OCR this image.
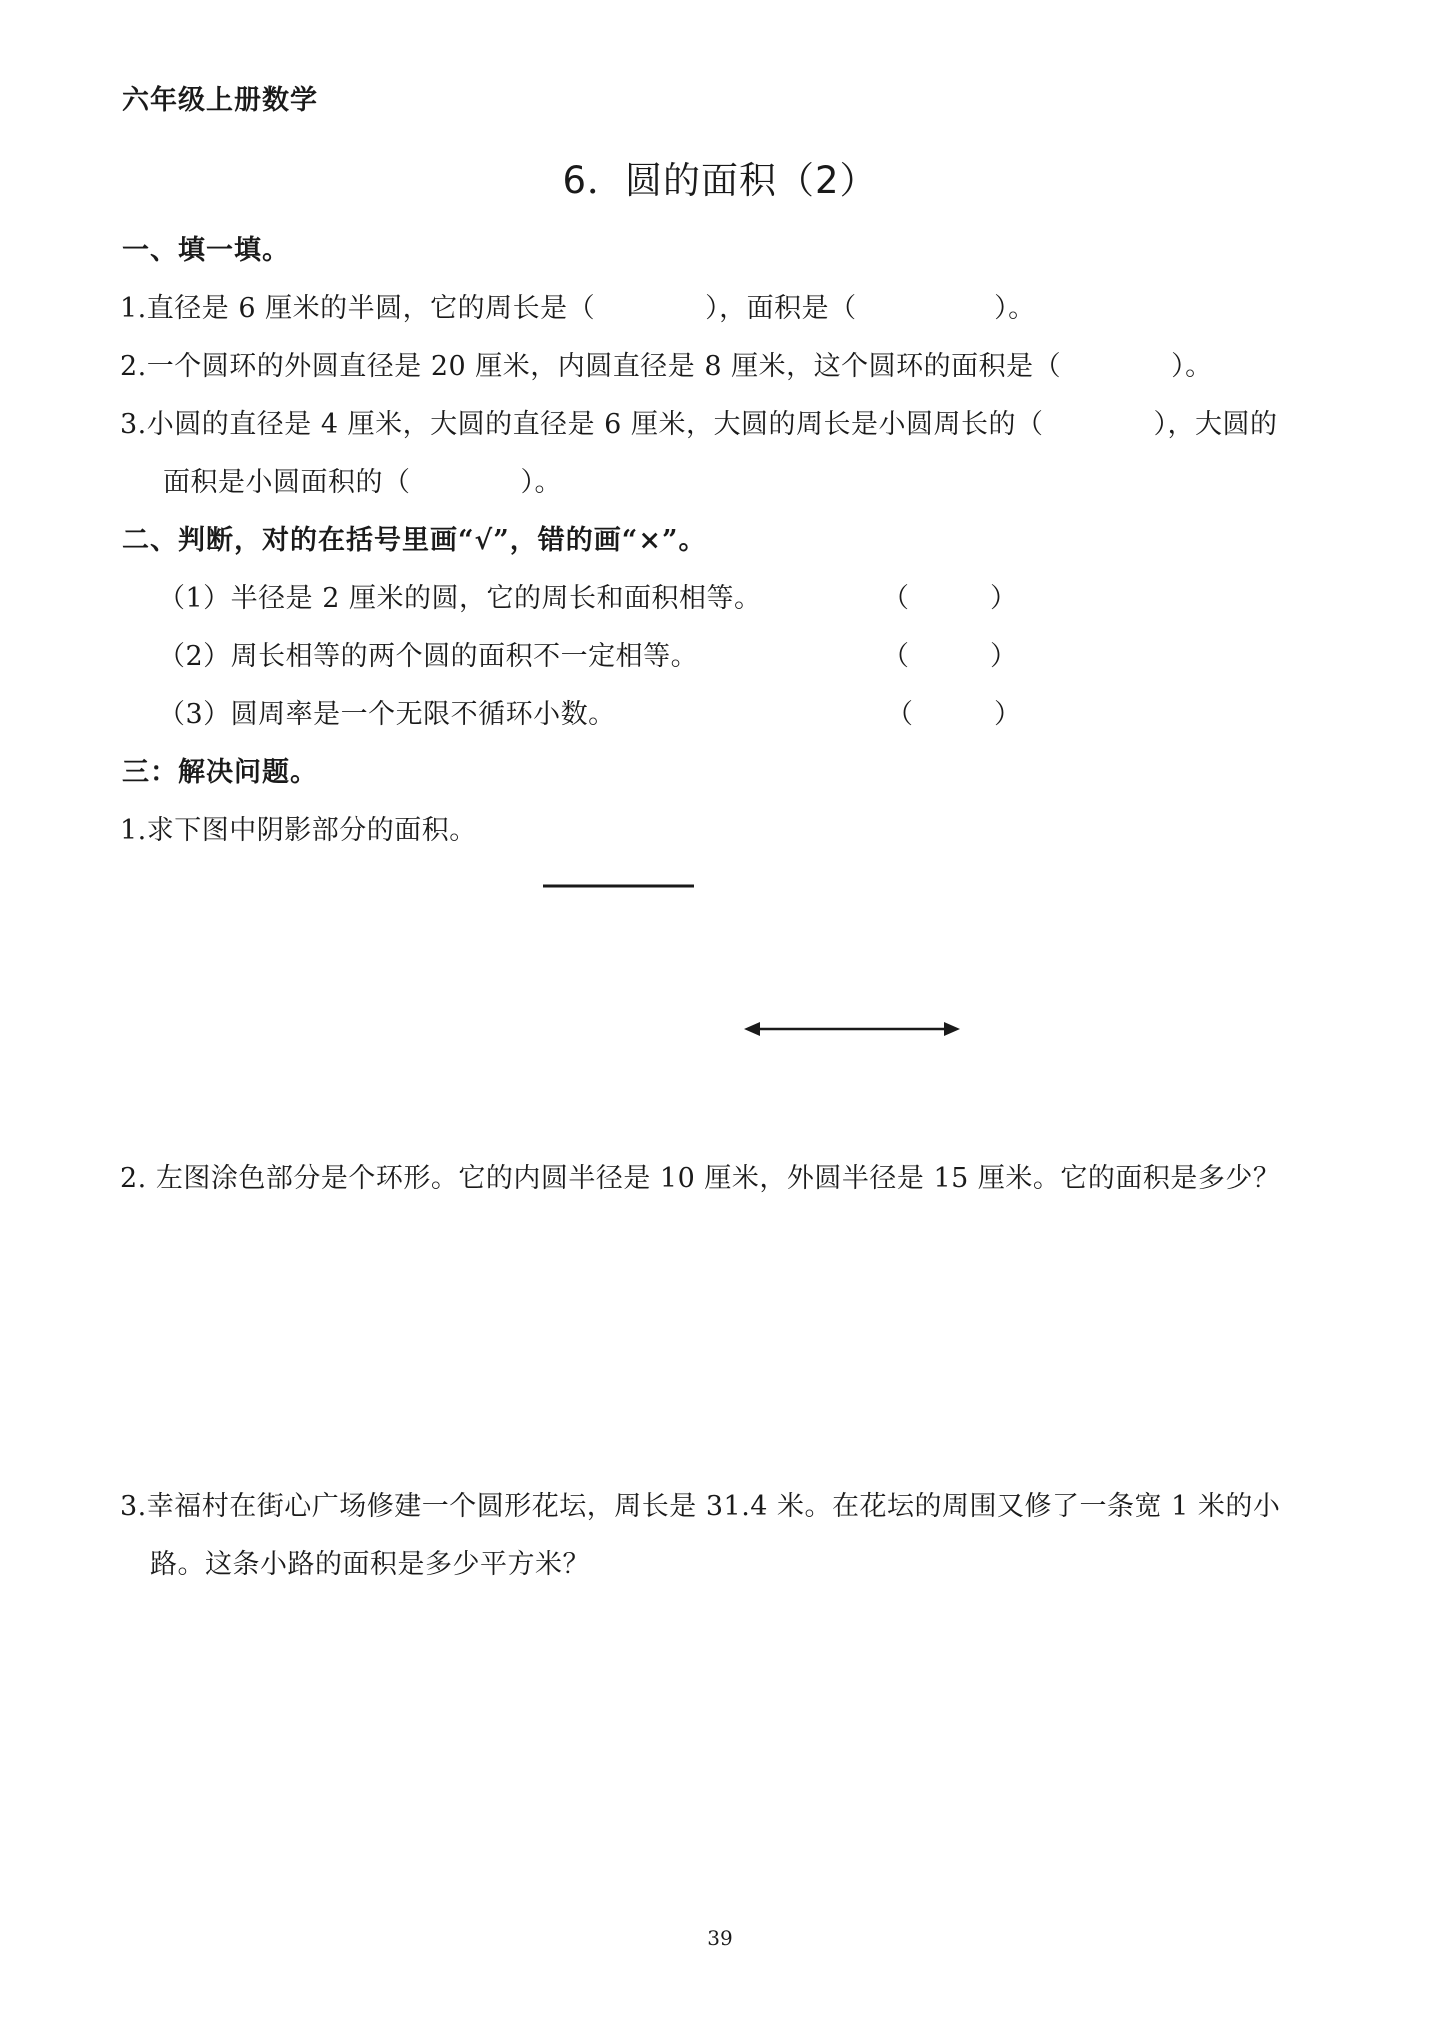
六年级上册数学
6．圆的面积（2）
一、填一填。
1.直径是 6 厘米的半圆，它的周长是（　　　　），面积是（　　　　　）。
2.一个圆环的外圆直径是 20 厘米，内圆直径是 8 厘米，这个圆环的面积是（　　　　）。
3.小圆的直径是 4 厘米，大圆的直径是 6 厘米，大圆的周长是小圆周长的（　　　　），大圆的
面积是小圆面积的（　　　　）。
二、判断，对的在括号里画“√”，错的画“×”。
（1）半径是 2 厘米的圆，它的周长和面积相等。	（　　　）
（2）周长相等的两个圆的面积不一定相等。	（　　　）
（3）圆周率是一个无限不循环小数。	（　　　）
三：解决问题。
1.求下图中阴影部分的面积。
2. 左图涂色部分是个环形。它的内圆半径是 10 厘米，外圆半径是 15 厘米。它的面积是多少？
3.幸福村在街心广场修建一个圆形花坛，周长是 31.4 米。在花坛的周围又修了一条宽 1 米的小
路。这条小路的面积是多少平方米？
39
